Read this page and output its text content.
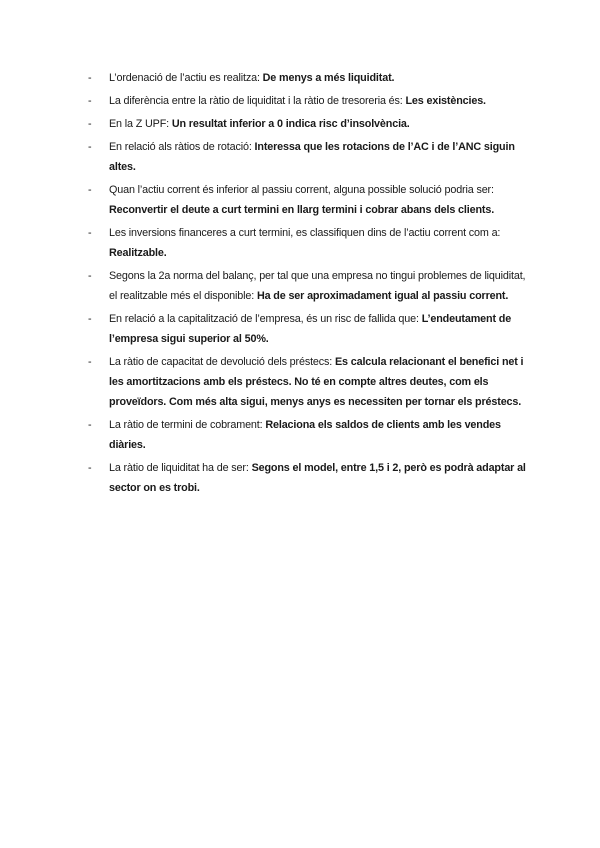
-	L’ordenació de l’actiu es realitza: De menys a més liquiditat.
-	La diferència entre la ràtio de liquiditat i la ràtio de tresoreria és: Les existències.
-	En la Z UPF: Un resultat inferior a 0 indica risc d’insolvència.
-	En relació als ràtios de rotació: Interessa que les rotacions de l’AC i de l’ANC siguin altes.
-	Quan l’actiu corrent és inferior al passiu corrent, alguna possible solució podria ser: Reconvertir el deute a curt termini en llarg termini i cobrar abans dels clients.
-	Les inversions financeres a curt termini, es classifiquen dins de l’actiu corrent com a: Realitzable.
-	Segons la 2a norma del balanç, per tal que una empresa no tingui problemes de liquiditat, el realitzable més el disponible: Ha de ser aproximadament igual al passiu corrent.
-	En relació a la capitalització de l’empresa, és un risc de fallida que: L’endeutament de l’empresa sigui superior al 50%.
-	La ràtio de capacitat de devolució dels préstecs: Es calcula relacionant el benefici net i les amortitzacions amb els préstecs. No té en compte altres deutes, com els proveïdors. Com més alta sigui, menys anys es necessiten per tornar els préstecs.
-	La ràtio de termini de cobrament: Relaciona els saldos de clients amb les vendes diàries.
-	La ràtio de liquiditat ha de ser: Segons el model, entre 1,5 i 2, però es podrà adaptar al sector on es trobi.
